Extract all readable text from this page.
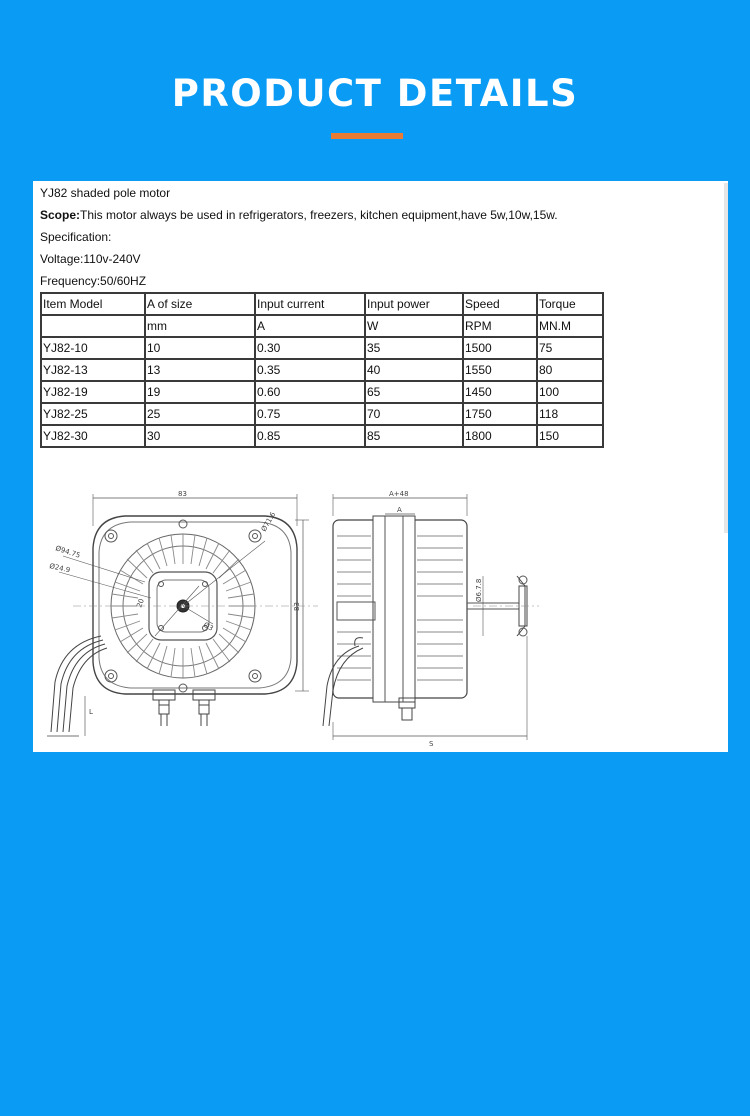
PRODUCT DETAILS
YJ82 shaded pole motor
Scope:This motor always be used in refrigerators, freezers, kitchen equipment,have 5w,10w,15w.
Specification:
Voltage:110v-240V
Frequency:50/60HZ
Item Model	A of size	Input current	Input power	Speed	Torque
	mm	A	W	RPM	MN.M
YJ82-10	10	0.30	35	1500	75
YJ82-13	13	0.35	40	1550	80
YJ82-19	19	0.60	65	1450	100
YJ82-25	25	0.75	70	1750	118
YJ82-30	30	0.85	85	1800	150
83
83
Ø71.6
Ø94.75
Ø24.9
Ø3
20
L
A+48
A
Ø6.7.8
S
